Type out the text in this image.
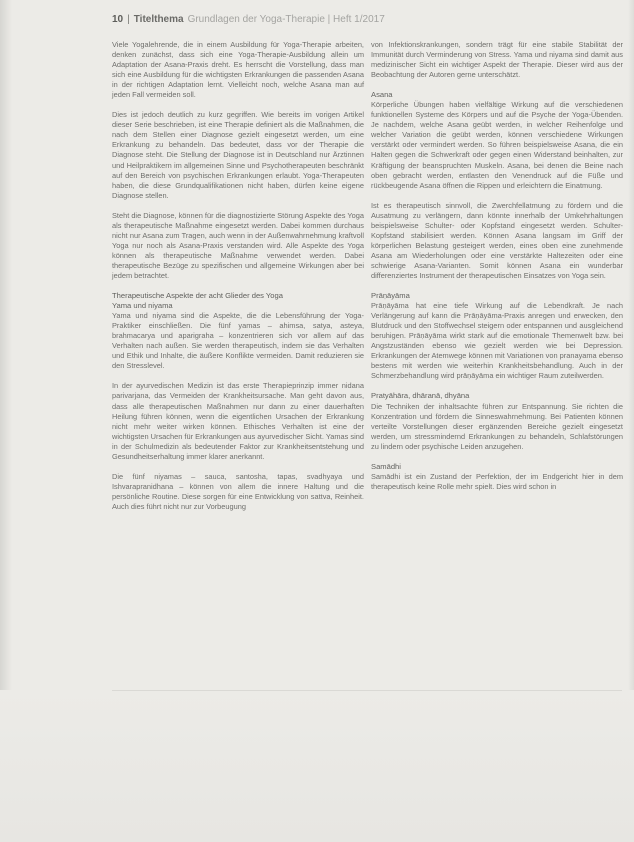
10 | Titelthema Grundlagen der Yoga-Therapie | Heft 1/2017

Viele Yogalehrende, die in einem Ausbildung für Yoga-Therapie arbeiten, denken zunächst, dass sich eine Yoga-Therapie-Ausbildung allein um Adaptation der Asana-Praxis dreht. Es herrscht die Vorstellung, dass man sich eine Ausbildung für die wichtigsten Erkrankungen die passenden Asana in der richtigen Adaptation lernt. Vielleicht noch, welche Asana man auf jeden Fall vermeiden soll.

Dies ist jedoch deutlich zu kurz gegriffen. Wie bereits im vorigen Artikel dieser Serie beschrieben, ist eine Therapie definiert als die Maßnahmen, die nach dem Stellen einer Diagnose gezielt eingesetzt werden, um eine Erkrankung zu behandeln. Das bedeutet, dass vor der Therapie die Diagnose steht. Die Stellung der Diagnose ist in Deutschland nur Ärztinnen und Heilpraktikern im allgemeinen Sinne und Psychotherapeuten beschränkt auf den Bereich von psychischen Erkrankungen erlaubt. Yoga-Therapeuten haben, die diese Grundqualifikationen nicht haben, dürfen keine eigene Diagnose stellen.

Steht die Diagnose, können für die diagnostizierte Störung Aspekte des Yoga als therapeutische Maßnahme eingesetzt werden. Dabei kommen durchaus nicht nur Asana zum Tragen, auch wenn in der Außenwahrnehmung kraftvoll Yoga nur noch als Asana-Praxis verstanden wird. Alle Aspekte des Yoga können als therapeutische Maßnahme verwendet werden. Dabei therapeutische Bezüge zu spezifischen und allgemeine Wirkungen aber bei jedem betrachtet.

Therapeutische Aspekte der acht Glieder des Yoga

Yama und niyama

Yama und niyama sind die Aspekte, die die Lebensführung der Yoga-Praktiker einschließen. Die fünf yamas – ahimsa, satya, asteya, brahmacarya und aparigraha – konzentrieren sich vor allem auf das Verhalten nach außen. Sie werden therapeutisch, indem sie das Verhalten und Ethik und Inhalte, die äußere Konflikte vermeiden. Damit reduzieren sie den Stresslevel.

In der ayurvedischen Medizin ist das erste Therapieprinzip immer nidana parivarjana, das Vermeiden der Krankheitsursache. Man geht davon aus, dass alle therapeutischen Maßnahmen nur dann zu einer dauerhaften Heilung führen können, wenn die eigentlichen Ursachen der Erkrankung nicht mehr weiter wirken können. Ethisches Verhalten ist eine der wichtigsten Ursachen für Erkrankungen aus ayurvedischer Sicht. Yamas sind in der Schulmedizin als bedeutender Faktor zur Krankheitsentstehung und Gesundheitserhaltung immer klarer anerkannt.

Die fünf niyamas – sauca, santosha, tapas, svadhyaya und Ishvarapranidhana – können von allem die innere Haltung und die persönliche Routine. Diese sorgen für eine Entwicklung von sattva, Reinheit. Auch dies führt nicht nur zur Vorbeugung

von Infektionskrankungen, sondern trägt für eine stabile Stabilität der Immunität durch Verminderung von Stress. Yama und niyama sind damit aus medizinischer Sicht ein wichtiger Aspekt der Therapie. Dieser wird aus der Beobachtung der Autoren gerne unterschätzt.

Asana

Körperliche Übungen haben vielfältige Wirkung auf die verschiedenen funktionellen Systeme des Körpers und auf die Psyche der Yoga-Übenden. Je nachdem, welche Asana geübt werden, in welcher Reihenfolge und welcher Variation die geübt werden, können verschiedene Wirkungen verstärkt oder vermindert werden. So führen beispielsweise Asana, die ein Halten gegen die Schwerkraft oder gegen einen Widerstand beinhalten, zur Kräftigung der beanspruchten Muskeln. Asana, bei denen die Beine nach oben gebracht werden, entlasten den Venendruck auf die Füße und rückbeugende Asana öffnen die Rippen und erleichtern die Einatmung.

Ist es therapeutisch sinnvoll, die Zwerchfellatmung zu fördern und die Ausatmung zu verlängern, dann könnte innerhalb der Umkehrhaltungen beispielsweise Schulter- oder Kopfstand eingesetzt werden. Schulter-Kopfstand stabilisiert werden. Können Asana langsam im Griff der körperlichen Belastung gesteigert werden, eines oben eine zunehmende Asana am Wiederholungen oder eine verstärkte Haltezeiten oder eine schwierige Asana-Varianten. Somit können Asana ein wunderbar differenziertes Instrument der therapeutischen Einsatzes von Yoga sein.

Prāṇāyāma

Prāṇāyāma hat eine tiefe Wirkung auf die Lebendkraft. Je nach Verlängerung auf kann die Prāṇāyāma-Praxis anregen und erwecken, den Blutdruck und den Stoffwechsel steigern oder entspannen und ausgleichend beruhigen. Prāṇāyāma wirkt stark auf die emotionale Themenwelt bzw. bei Angstzuständen ebenso wie gezielt werden wie bei Depression. Erkrankungen der Atemwege können mit Variationen von pranayama ebenso bestens mit werden wie weiterhin Krankheitsbehandlung. Auch in der Schmerzbehandlung wird prāṇāyāma ein wichtiger Raum zuteilwerden.

Pratyāhāra, dhāranā, dhyāna

Die Techniken der inhaltsachte führen zur Entspannung. Sie richten die Konzentration und fördern die Sinneswahrnehmung. Bei Patienten können verteilte Vorstellungen dieser ergänzenden Bereiche gezielt eingesetzt werden, um stressmindernd Erkrankungen zu behandeln, Schlafstörungen zu lindern oder psychische Leiden anzugehen.

Samādhi

Samādhi ist ein Zustand der Perfektion, der im Endgericht hier in dem therapeutisch keine Rolle mehr spielt. Dies wird schon in
